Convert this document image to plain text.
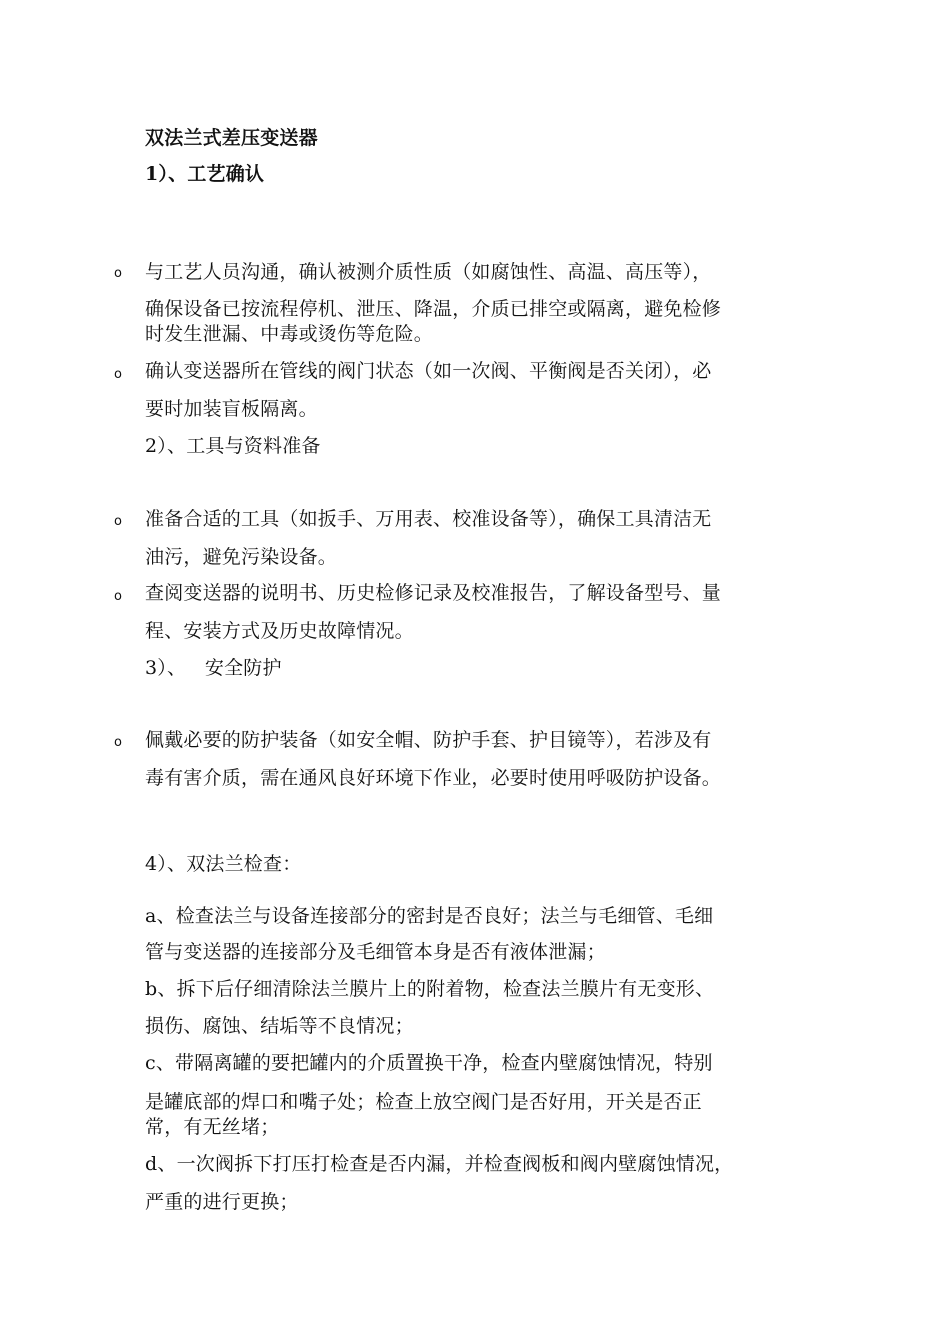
双法兰式差压变送器
1）、工艺确认
o 与工艺人员沟通，确认被测介质性质（如腐蚀性、高温、高压等），
确保设备已按流程停机、泄压、降温，介质已排空或隔离，避免检修
时发生泄漏、中毒或烫伤等危险。
o 确认变送器所在管线的阀门状态（如一次阀、平衡阀是否关闭），必
要时加装盲板隔离。
2）、工具与资料准备
o 准备合适的工具（如扳手、万用表、校准设备等），确保工具清洁无
油污，避免污染设备。
o 查阅变送器的说明书、历史检修记录及校准报告，了解设备型号、量
程、安装方式及历史故障情况。
3）、   安全防护
o 佩戴必要的防护装备（如安全帽、防护手套、护目镜等），若涉及有
毒有害介质，需在通风良好环境下作业，必要时使用呼吸防护设备。
4）、双法兰检查：
a、检查法兰与设备连接部分的密封是否良好；法兰与毛细管、毛细
管与变送器的连接部分及毛细管本身是否有液体泄漏；
b、拆下后仔细清除法兰膜片上的附着物，检查法兰膜片有无变形、
损伤、腐蚀、结垢等不良情况；
c、带隔离罐的要把罐内的介质置换干净，检查内壁腐蚀情况，特别
是罐底部的焊口和嘴子处；检查上放空阀门是否好用，开关是否正
常，有无丝堵；
d、一次阀拆下打压打检查是否内漏，并检查阀板和阀内壁腐蚀情况，
严重的进行更换；
